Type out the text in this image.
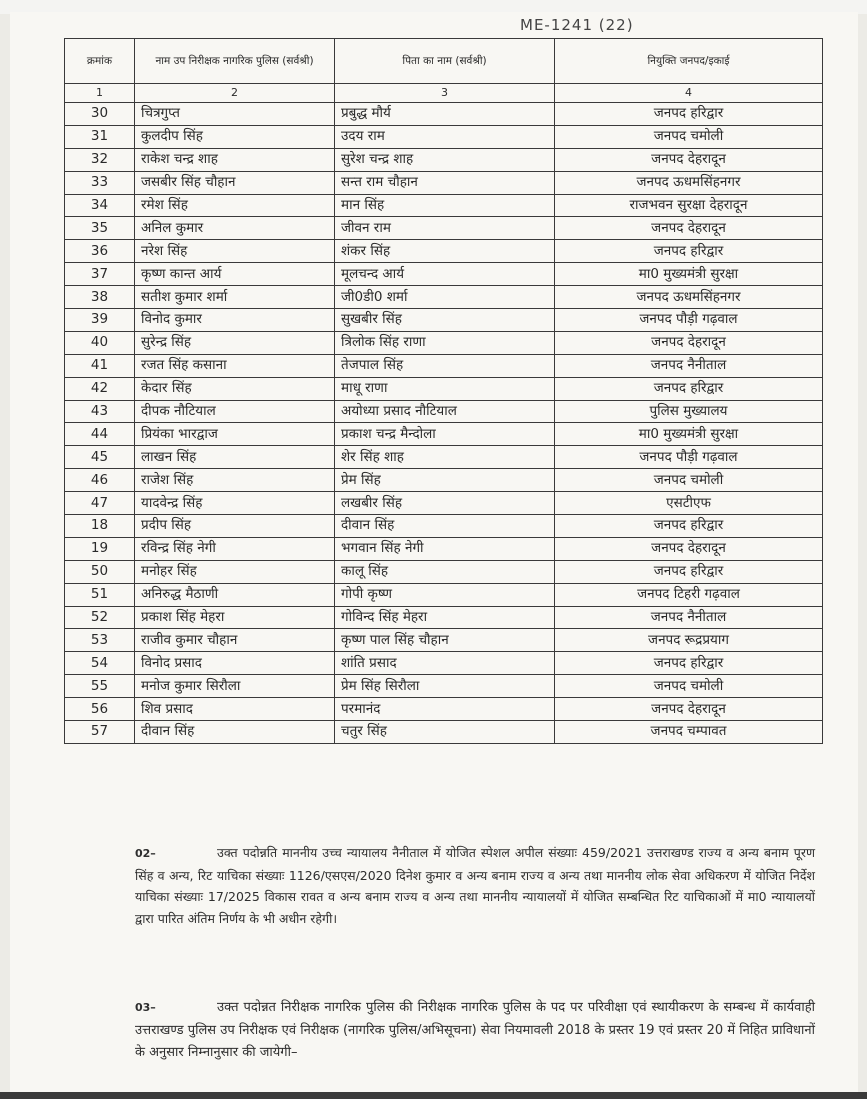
ME-1241 (22)
क्रमांक	नाम उप निरीक्षक नागरिक पुलिस (सर्वश्री)	पिता का नाम (सर्वश्री)	नियुक्ति जनपद/इकाई
1	2	3	4
30	चित्रगुप्त	प्रबुद्ध मौर्य	जनपद हरिद्वार
31	कुलदीप सिंह	उदय राम	जनपद चमोली
32	राकेश चन्द्र शाह	सुरेश चन्द्र शाह	जनपद देहरादून
33	जसबीर सिंह चौहान	सन्त राम चौहान	जनपद ऊधमसिंहनगर
34	रमेश सिंह	मान सिंह	राजभवन सुरक्षा देहरादून
35	अनिल कुमार	जीवन राम	जनपद देहरादून
36	नरेश सिंह	शंकर सिंह	जनपद हरिद्वार
37	कृष्ण कान्त आर्य	मूलचन्द आर्य	मा0 मुख्यमंत्री सुरक्षा
38	सतीश कुमार शर्मा	जी0डी0 शर्मा	जनपद ऊधमसिंहनगर
39	विनोद कुमार	सुखबीर सिंह	जनपद पौड़ी गढ़वाल
40	सुरेन्द्र सिंह	त्रिलोक सिंह राणा	जनपद देहरादून
41	रजत सिंह कसाना	तेजपाल सिंह	जनपद नैनीताल
42	केदार सिंह	माधू राणा	जनपद हरिद्वार
43	दीपक नौटियाल	अयोध्या प्रसाद नौटियाल	पुलिस मुख्यालय
44	प्रियंका भारद्वाज	प्रकाश चन्द्र मैन्दोला	मा0 मुख्यमंत्री सुरक्षा
45	लाखन सिंह	शेर सिंह शाह	जनपद पौड़ी गढ़वाल
46	राजेश सिंह	प्रेम सिंह	जनपद चमोली
47	यादवेन्द्र सिंह	लखबीर सिंह	एसटीएफ
18	प्रदीप सिंह	दीवान सिंह	जनपद हरिद्वार
19	रविन्द्र सिंह नेगी	भगवान सिंह नेगी	जनपद देहरादून
50	मनोहर सिंह	कालू सिंह	जनपद हरिद्वार
51	अनिरुद्ध मैठाणी	गोपी कृष्ण	जनपद टिहरी गढ़वाल
52	प्रकाश सिंह मेहरा	गोविन्द सिंह मेहरा	जनपद नैनीताल
53	राजीव कुमार चौहान	कृष्ण पाल सिंह चौहान	जनपद रूद्रप्रयाग
54	विनोद प्रसाद	शांति प्रसाद	जनपद हरिद्वार
55	मनोज कुमार सिरौला	प्रेम सिंह सिरौला	जनपद चमोली
56	शिव प्रसाद	परमानंद	जनपद देहरादून
57	दीवान सिंह	चतुर सिंह	जनपद चम्पावत
02–	उक्त पदोन्नति माननीय उच्च न्यायालय नैनीताल में योजित स्पेशल अपील संख्याः 459/2021 उत्तराखण्ड राज्य व अन्य बनाम पूरण सिंह व अन्य, रिट याचिका संख्याः 1126/एसएस/2020 दिनेश कुमार व अन्य बनाम राज्य व अन्य तथा माननीय लोक सेवा अधिकरण में योजित निर्देश याचिका संख्याः 17/2025 विकास रावत व अन्य बनाम राज्य व अन्य तथा माननीय न्यायालयों में योजित सम्बन्धित रिट याचिकाओं में मा0 न्यायालयों द्वारा पारित अंतिम निर्णय के भी अधीन रहेगी।
03–	उक्त पदोन्नत निरीक्षक नागरिक पुलिस की निरीक्षक नागरिक पुलिस के पद पर परिवीक्षा एवं स्थायीकरण के सम्बन्ध में कार्यवाही उत्तराखण्ड पुलिस उप निरीक्षक एवं निरीक्षक (नागरिक पुलिस/अभिसूचना) सेवा नियमावली 2018 के प्रस्तर 19 एवं प्रस्तर 20 में निहित प्राविधानों के अनुसार निम्नानुसार की जायेगी–
